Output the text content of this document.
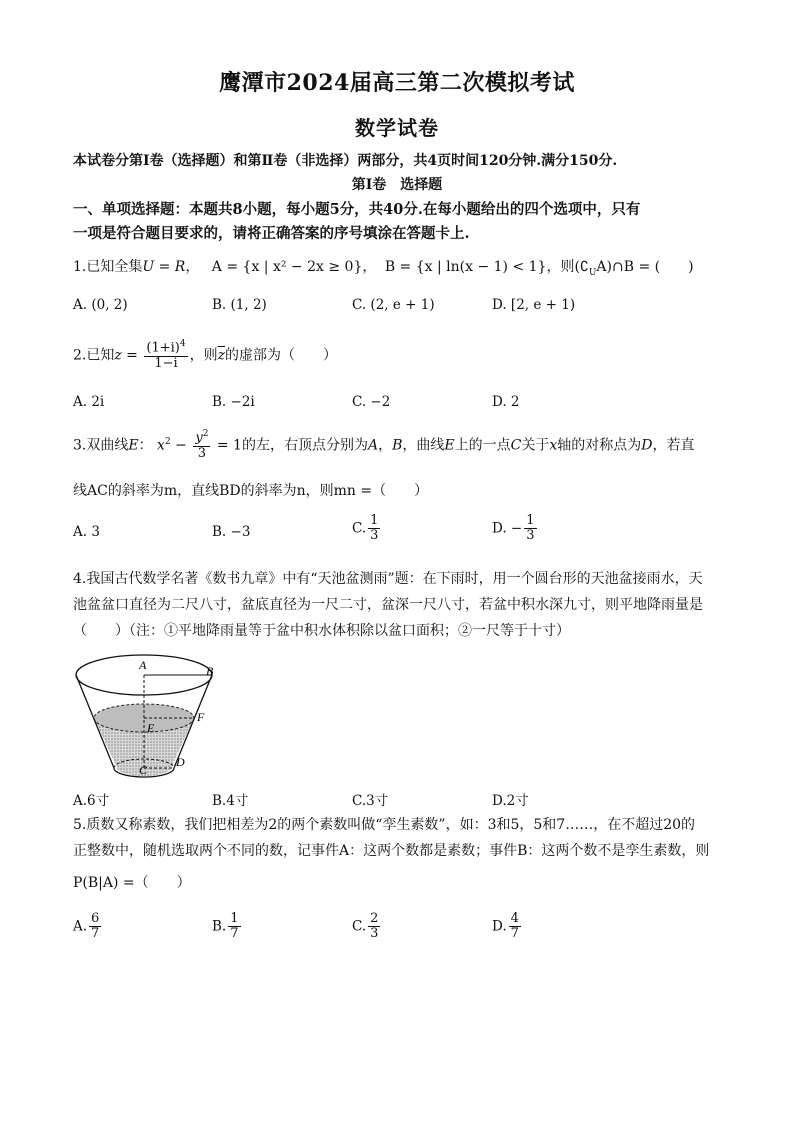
鹰潭市2024届高三第二次模拟考试
数学试卷
本试卷分第Ⅰ卷（选择题）和第Ⅱ卷（非选择）两部分，共4页时间120分钟.满分150分.
第Ⅰ卷　选择题
一、单项选择题：本题共8小题，每小题5分，共40分.在每小题给出的四个选项中，只有
一项是符合题目要求的，请将正确答案的序号填涂在答题卡上.
1.已知全集U = R， A = {x | x² − 2x ≥ 0}， B = {x | ln(x − 1) < 1}，则$(∁_UA)\cap B$ = (　　)
A. (0, 2)	B. (1, 2)	C. (2, e + 1)	D. [2, e + 1)
2.已知$z = \frac{(1+i)^4}{1-i}$ ，则$\overline{z}$的虚部为（　　）
A. 2i	B. −2i	C. −2	D. 2
3.双曲线E： $x^2 - \frac{y^2}{3} = 1$的左，右顶点分别为A，B，曲线E上的一点C关于x轴的对称点为D，若直
线AC的斜率为m，直线BD的斜率为n，则mn =（　　）
A. 3	B. −3	C. $\frac{1}{3}$	D. − $\frac{1}{3}$
4.我国古代数学名著《数书九章》中有“天池盆测雨”题：在下雨时，用一个圆台形的天池盆接雨水，天
池盆盆口直径为二尺八寸，盆底直径为一尺二寸，盆深一尺八寸，若盆中积水深九寸，则平地降雨量是
（　　）（注：①平地降雨量等于盆中积水体积除以盆口面积；②一尺等于十寸）
A	B
E
F
C
D
A.6寸	B.4寸	C.3寸	D.2寸
5.质数又称素数，我们把相差为2的两个素数叫做“孪生素数”，如：3和5，5和7……，在不超过20的
正整数中，随机选取两个不同的数，记事件A：这两个数都是素数；事件B：这两个数不是孪生素数，则
P(B|A) =（　　）
A. $\frac{6}{7}$	B. $\frac{1}{7}$	C. $\frac{2}{3}$	D. $\frac{4}{7}$
